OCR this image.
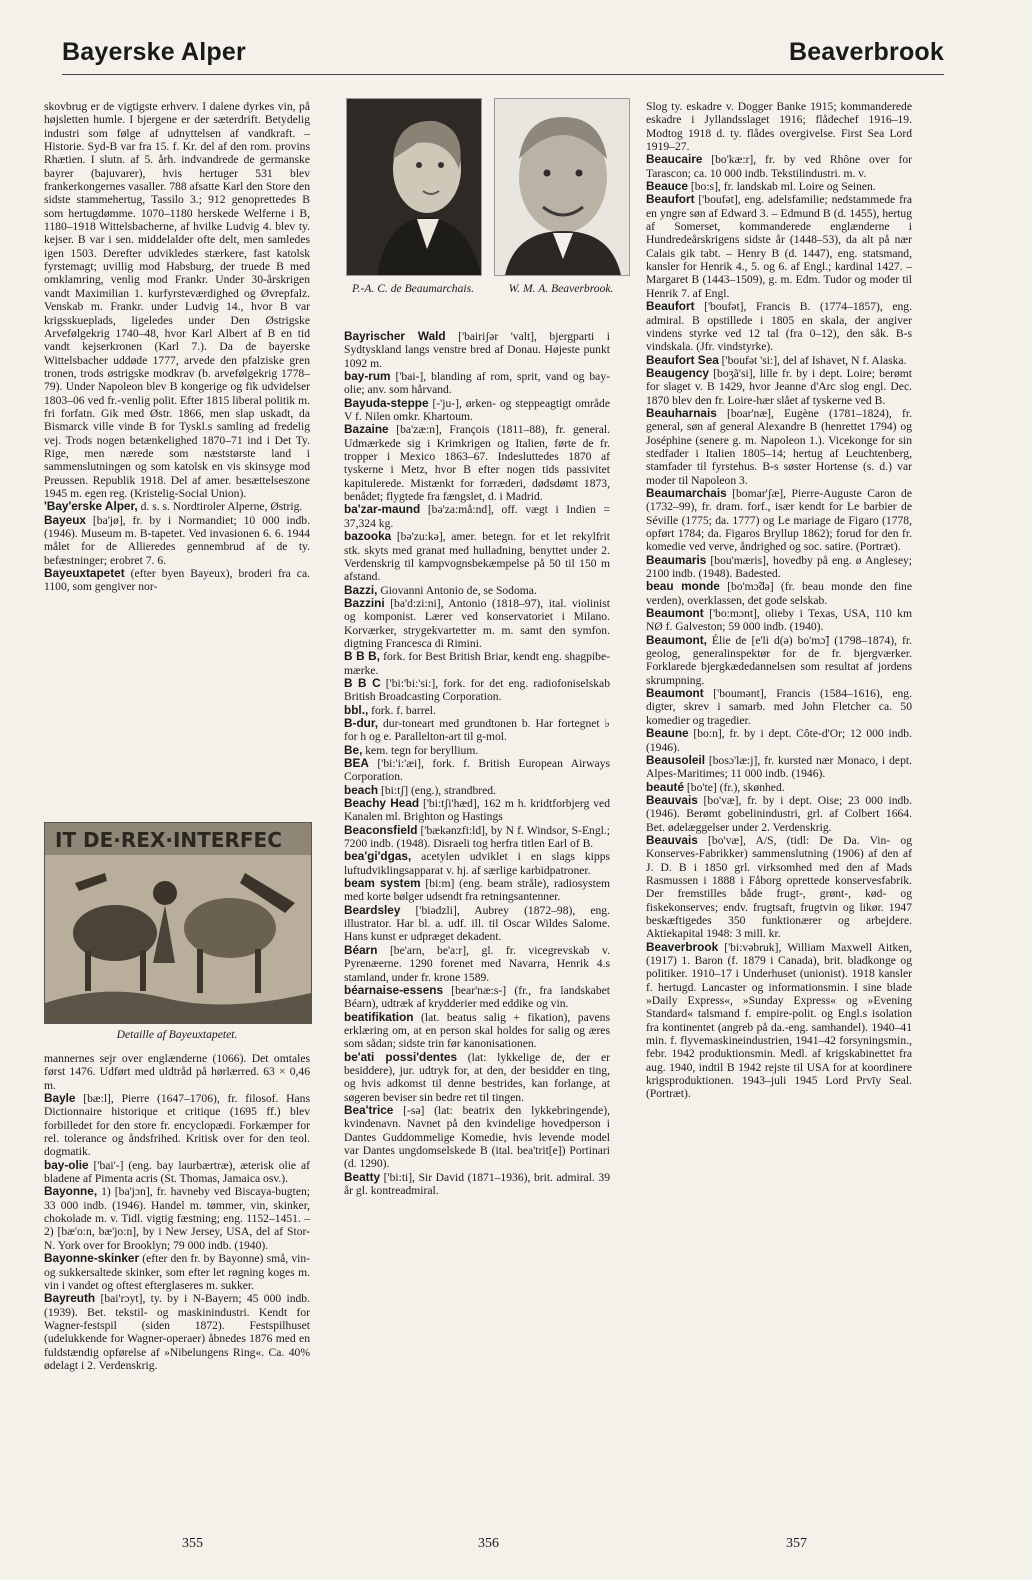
Bayerske Alper	Beaverbrook

skovbrug er de vigtigste erhverv. I dalene dyrkes vin, på højsletten humle. I bjergene er der sæterdrift. Betydelig industri som følge af udnyttelsen af vandkraft. – Historie. Syd-B var fra 15. f. Kr. del af den rom. provins Rhætien. I slutn. af 5. årh. indvandrede de germanske bayrer (bajuvarer), hvis hertuger 531 blev frankerkongernes vasaller. 788 afsatte Karl den Store den sidste stammehertug, Tassilo 3.; 912 genoprettedes B som hertugdømme. 1070–1180 herskede Welferne i B, 1180–1918 Wittelsbacherne, af hvilke Ludvig 4. blev ty. kejser. B var i sen. middelalder ofte delt, men samledes igen 1503. Derefter udvikledes stærkere, fast katolsk fyrstemagt; uvillig mod Habsburg, der truede B med omklamring, venlig mod Frankr. Under 30-årskrigen vandt Maximilian 1. kurfyrsteværdighed og Øvrepfalz. Venskab m. Frankr. under Ludvig 14., hvor B var krigsskueplads, ligeledes under Den Østrigske Arvefølgekrig 1740–48, hvor Karl Albert af B en tid vandt kejserkronen (Karl 7.). Da de bayerske Wittelsbacher uddøde 1777, arvede den pfalziske gren tronen, trods østrigske modkrav (b. arvefølgekrig 1778–79). Under Napoleon blev B kongerige og fik udvidelser 1803–06 ved fr.-venlig polit. Efter 1815 liberal politik m. fri forfatn. Gik med Østr. 1866, men slap uskadt, da Bismarck ville vinde B for Tyskl.s samling ad fredelig vej. Trods nogen betænkelighed 1870–71 ind i Det Ty. Rige, men nærede som næststørste land i sammenslutningen og som katolsk en vis skinsyge mod Preussen. Republik 1918. Del af amer. besættelseszone 1945 m. egen reg. (Kristelig-Social Union).

'Bay'erske Alper, d. s. s. Nordtiroler Alperne, Østrig.

Bayeux [ba'jø], fr. by i Normandiet; 10 000 indb. (1946). Museum m. B-tapetet. Ved invasionen 6. 6. 1944 målet for de Allieredes gennembrud af de ty. befæstninger; erobret 7. 6.

Bayeuxtapetet (efter byen Bayeux), broderi fra ca. 1100, som gengiver nor-

IT DE·REX·INTERFEC
Detaille af Bayeuxtapetet.

mannernes sejr over englænderne (1066). Det omtales først 1476. Udført med uldtråd på hørlærred. 63 × 0,46 m.

Bayle [bæ:l], Pierre (1647–1706), fr. filosof. Hans Dictionnaire historique et critique (1695 ff.) blev forbilledet for den store fr. encyclopædi. Forkæmper for rel. tolerance og åndsfrihed. Kritisk over for den teol. dogmatik.

bay-olie ['bai'-] (eng. bay laurbærtræ), æterisk olie af bladene af Pimenta acris (St. Thomas, Jamaica osv.).

Bayonne, 1) [ba'jɔn], fr. havneby ved Biscaya-bugten; 33 000 indb. (1946). Handel m. tømmer, vin, skinker, chokolade m. v. Tidl. vigtig fæstning; eng. 1152–1451. – 2) [bæ'o:n, bæ'jo:n], by i New Jersey, USA, del af Stor-N. York over for Brooklyn; 79 000 indb. (1940).

Bayonne-skinker (efter den fr. by Bayonne) små, vin- og sukkersaltede skinker, som efter let røgning koges m. vin i vandet og oftest efterglaseres m. sukker.

Bayreuth [bai'rɔyt], ty. by i N-Bayern; 45 000 indb. (1939). Bet. tekstil- og maskinindustri. Kendt for Wagner-festspil (siden 1872). Festspilhuset (udelukkende for Wagner-operaer) åbnedes 1876 med en fuldstændig opførelse af »Nibelungens Ring«. Ca. 40% ødelagt i 2. Verdenskrig.

P.-A. C. de Beaumarchais.	W. M. A. Beaverbrook.

Bayrischer Wald ['bairiʃər 'valt], bjergparti i Sydtyskland langs venstre bred af Donau. Højeste punkt 1092 m.

bay-rum ['bai-], blanding af rom, sprit, vand og bay-olie; anv. som hårvand.

Bayuda-steppe [-'ju-], ørken- og steppeagtigt område V f. Nilen omkr. Khartoum.

Bazaine [ba'zæ:n], François (1811–88), fr. general. Udmærkede sig i Krimkrigen og Italien, førte de fr. tropper i Mexico 1863–67. Indesluttedes 1870 af tyskerne i Metz, hvor B efter nogen tids passivitet kapitulerede. Mistænkt for forræderi, dødsdømt 1873, benådet; flygtede fra fængslet, d. i Madrid.

ba'zar-maund [bə'za:må:nd], off. vægt i Indien = 37,324 kg.

bazooka [bə'zu:kə], amer. betegn. for et let rekylfrit stk. skyts med granat med hulladning, benyttet under 2. Verdenskrig til kampvognsbekæmpelse på 50 til 150 m afstand.

Bazzi, Giovanni Antonio de, se Sodoma.

Bazzini [ba'd:zi:ni], Antonio (1818–97), ital. violinist og komponist. Lærer ved konservatoriet i Milano. Korværker, strygekvartetter m. m. samt den symfon. digtning Francesca di Rimini.

B B B, fork. for Best British Briar, kendt eng. shagpibe-mærke.

B B C ['bi:'bi:'si:], fork. for det eng. radiofoniselskab British Broadcasting Corporation.

bbl., fork. f. barrel.

B-dur, dur-toneart med grundtonen b. Har fortegnet ♭ for h og e. Parallelton-art til g-mol.

Be, kem. tegn for beryllium.

BEA ['bi:'i:'æi], fork. f. British European Airways Corporation.

beach [bi:tʃ] (eng.), strandbred.

Beachy Head ['bi:tʃi'hæd], 162 m h. kridtforbjerg ved Kanalen ml. Brighton og Hastings

Beaconsfield ['bækənzfi:ld], by N f. Windsor, S-Engl.; 7200 indb. (1948). Disraeli tog herfra titlen Earl of B.

bea'gi'dgas, acetylen udviklet i en slags kipps luftudviklingsapparat v. hj. af særlige karbidpatroner.

beam system [bi:m] (eng. beam stråle), radiosystem med korte bølger udsendt fra retningsantenner.

Beardsley ['biədzli], Aubrey (1872–98), eng. illustrator. Har bl. a. udf. ill. til Oscar Wildes Salome. Hans kunst er udpræget dekadent.

Béarn [be'arn, be'a:r], gl. fr. vicegrevskab v. Pyrenæerne. 1290 forenet med Navarra, Henrik 4.s stamland, under fr. krone 1589.

béarnaise-essens [bear'næ:s-] (fr., fra landskabet Béarn), udtræk af krydderier med eddike og vin.

beatifikation (lat. beatus salig + fikation), pavens erklæring om, at en person skal holdes for salig og æres som sådan; sidste trin før kanonisationen.

be'ati possi'dentes (lat: lykkelige de, der er besiddere), jur. udtryk for, at den, der besidder en ting, og hvis adkomst til denne bestrides, kan forlange, at søgeren beviser sin bedre ret til tingen.

Bea'trice [-sə] (lat: beatrix den lykkebringende), kvindenavn. Navnet på den kvindelige hovedperson i Dantes Guddommelige Komedie, hvis levende model var Dantes ungdomselskede B (ital. bea'trit[e]) Portinari (d. 1290).

Beatty ['bi:ti], Sir David (1871–1936), brit. admiral. 39 år gl. kontreadmiral.

Slog ty. eskadre v. Dogger Banke 1915; kommanderede eskadre i Jyllandsslaget 1916; flådechef 1916–19. Modtog 1918 d. ty. flådes overgivelse. First Sea Lord 1919–27.

Beaucaire [bo'kæ:r], fr. by ved Rhône over for Tarascon; ca. 10 000 indb. Tekstilindustri. m. v.

Beauce [bo:s], fr. landskab ml. Loire og Seinen.

Beaufort ['boufət], eng. adelsfamilie; nedstammede fra en yngre søn af Edward 3. – Edmund B (d. 1455), hertug af Somerset, kommanderede englænderne i Hundredeårskrigens sidste år (1448–53), da alt på nær Calais gik tabt. – Henry B (d. 1447), eng. statsmand, kansler for Henrik 4., 5. og 6. af Engl.; kardinal 1427. – Margaret B (1443–1509), g. m. Edm. Tudor og moder til Henrik 7. af Engl.

Beaufort ['boufət], Francis B. (1774–1857), eng. admiral. B opstillede i 1805 en skala, der angiver vindens styrke ved 12 tal (fra 0–12), den såk. B-s vindskala. (Jfr. vindstyrke).

Beaufort Sea ['boufət 'si:], del af Ishavet, N f. Alaska.

Beaugency [boʒã'si], lille fr. by i dept. Loire; berømt for slaget v. B 1429, hvor Jeanne d'Arc slog engl. Dec. 1870 blev den fr. Loire-hær slået af tyskerne ved B.

Beauharnais [boar'næ], Eugène (1781–1824), fr. general, søn af general Alexandre B (henrettet 1794) og Joséphine (senere g. m. Napoleon 1.). Vicekonge for sin stedfader i Italien 1805–14; hertug af Leuchtenberg, stamfader til fyrstehus. B-s søster Hortense (s. d.) var moder til Napoleon 3.

Beaumarchais [bomar'ʃæ], Pierre-Auguste Caron de (1732–99), fr. dram. forf., især kendt for Le barbier de Séville (1775; da. 1777) og Le mariage de Figaro (1778, opført 1784; da. Figaros Bryllup 1862); forud for den fr. komedie ved verve, åndrighed og soc. satire. (Portræt).

Beaumaris [bou'mæris], hovedby på eng. ø Anglesey; 2100 indb. (1948). Badested.

beau monde [bo'mɔ̃də] (fr. beau monde den fine verden), overklassen, det gode selskab.

Beaumont ['bo:mɔnt], olieby i Texas, USA, 110 km NØ f. Galveston; 59 000 indb. (1940).

Beaumont, Élie de [e'li d(ə) bo'mɔ̃] (1798–1874), fr. geolog, generalinspektør for de fr. bjergværker. Forklarede bjergkædedannelsen som resultat af jordens skrumpning.

Beaumont ['boumənt], Francis (1584–1616), eng. digter, skrev i samarb. med John Fletcher ca. 50 komedier og tragedier.

Beaune [bo:n], fr. by i dept. Côte-d'Or; 12 000 indb. (1946).

Beausoleil [bosɔ'læ:j], fr. kursted nær Monaco, i dept. Alpes-Maritimes; 11 000 indb. (1946).

beauté [bo'te] (fr.), skønhed.

Beauvais [bo'væ], fr. by i dept. Oise; 23 000 indb. (1946). Berømt gobelinindustri, grl. af Colbert 1664. Bet. ødelæggelser under 2. Verdenskrig.

Beauvais [bo'væ], A/S, (tidl: De Da. Vin- og Konserves-Fabrikker) sammenslutning (1906) af den af J. D. B i 1850 grl. virksomhed med den af Mads Rasmussen i 1888 i Fåborg oprettede konservesfabrik. Der fremstilles både frugt-, grønt-, kød- og fiskekonserves; endv. frugtsaft, frugtvin og likør. 1947 beskæftigedes 350 funktionærer og arbejdere. Aktiekapital 1948: 3 mill. kr.

Beaverbrook ['bi:vəbruk], William Maxwell Aitken, (1917) 1. Baron (f. 1879 i Canada), brit. bladkonge og politiker. 1910–17 i Underhuset (unionist). 1918 kansler f. hertugd. Lancaster og informationsmin. I sine blade »Daily Express«, »Sunday Express« og »Evening Standard« talsmand f. empire-polit. og Engl.s isolation fra kontinentet (angreb på da.-eng. samhandel). 1940–41 min. f. flyvemaskineindustrien, 1941–42 forsyningsmin., febr. 1942 produktionsmin. Medl. af krigskabinettet fra aug. 1940, indtil B 1942 rejste til USA for at koordinere krigsproduktionen. 1943–juli 1945 Lord Prvīy Seal. (Portræt).

355	356	357
